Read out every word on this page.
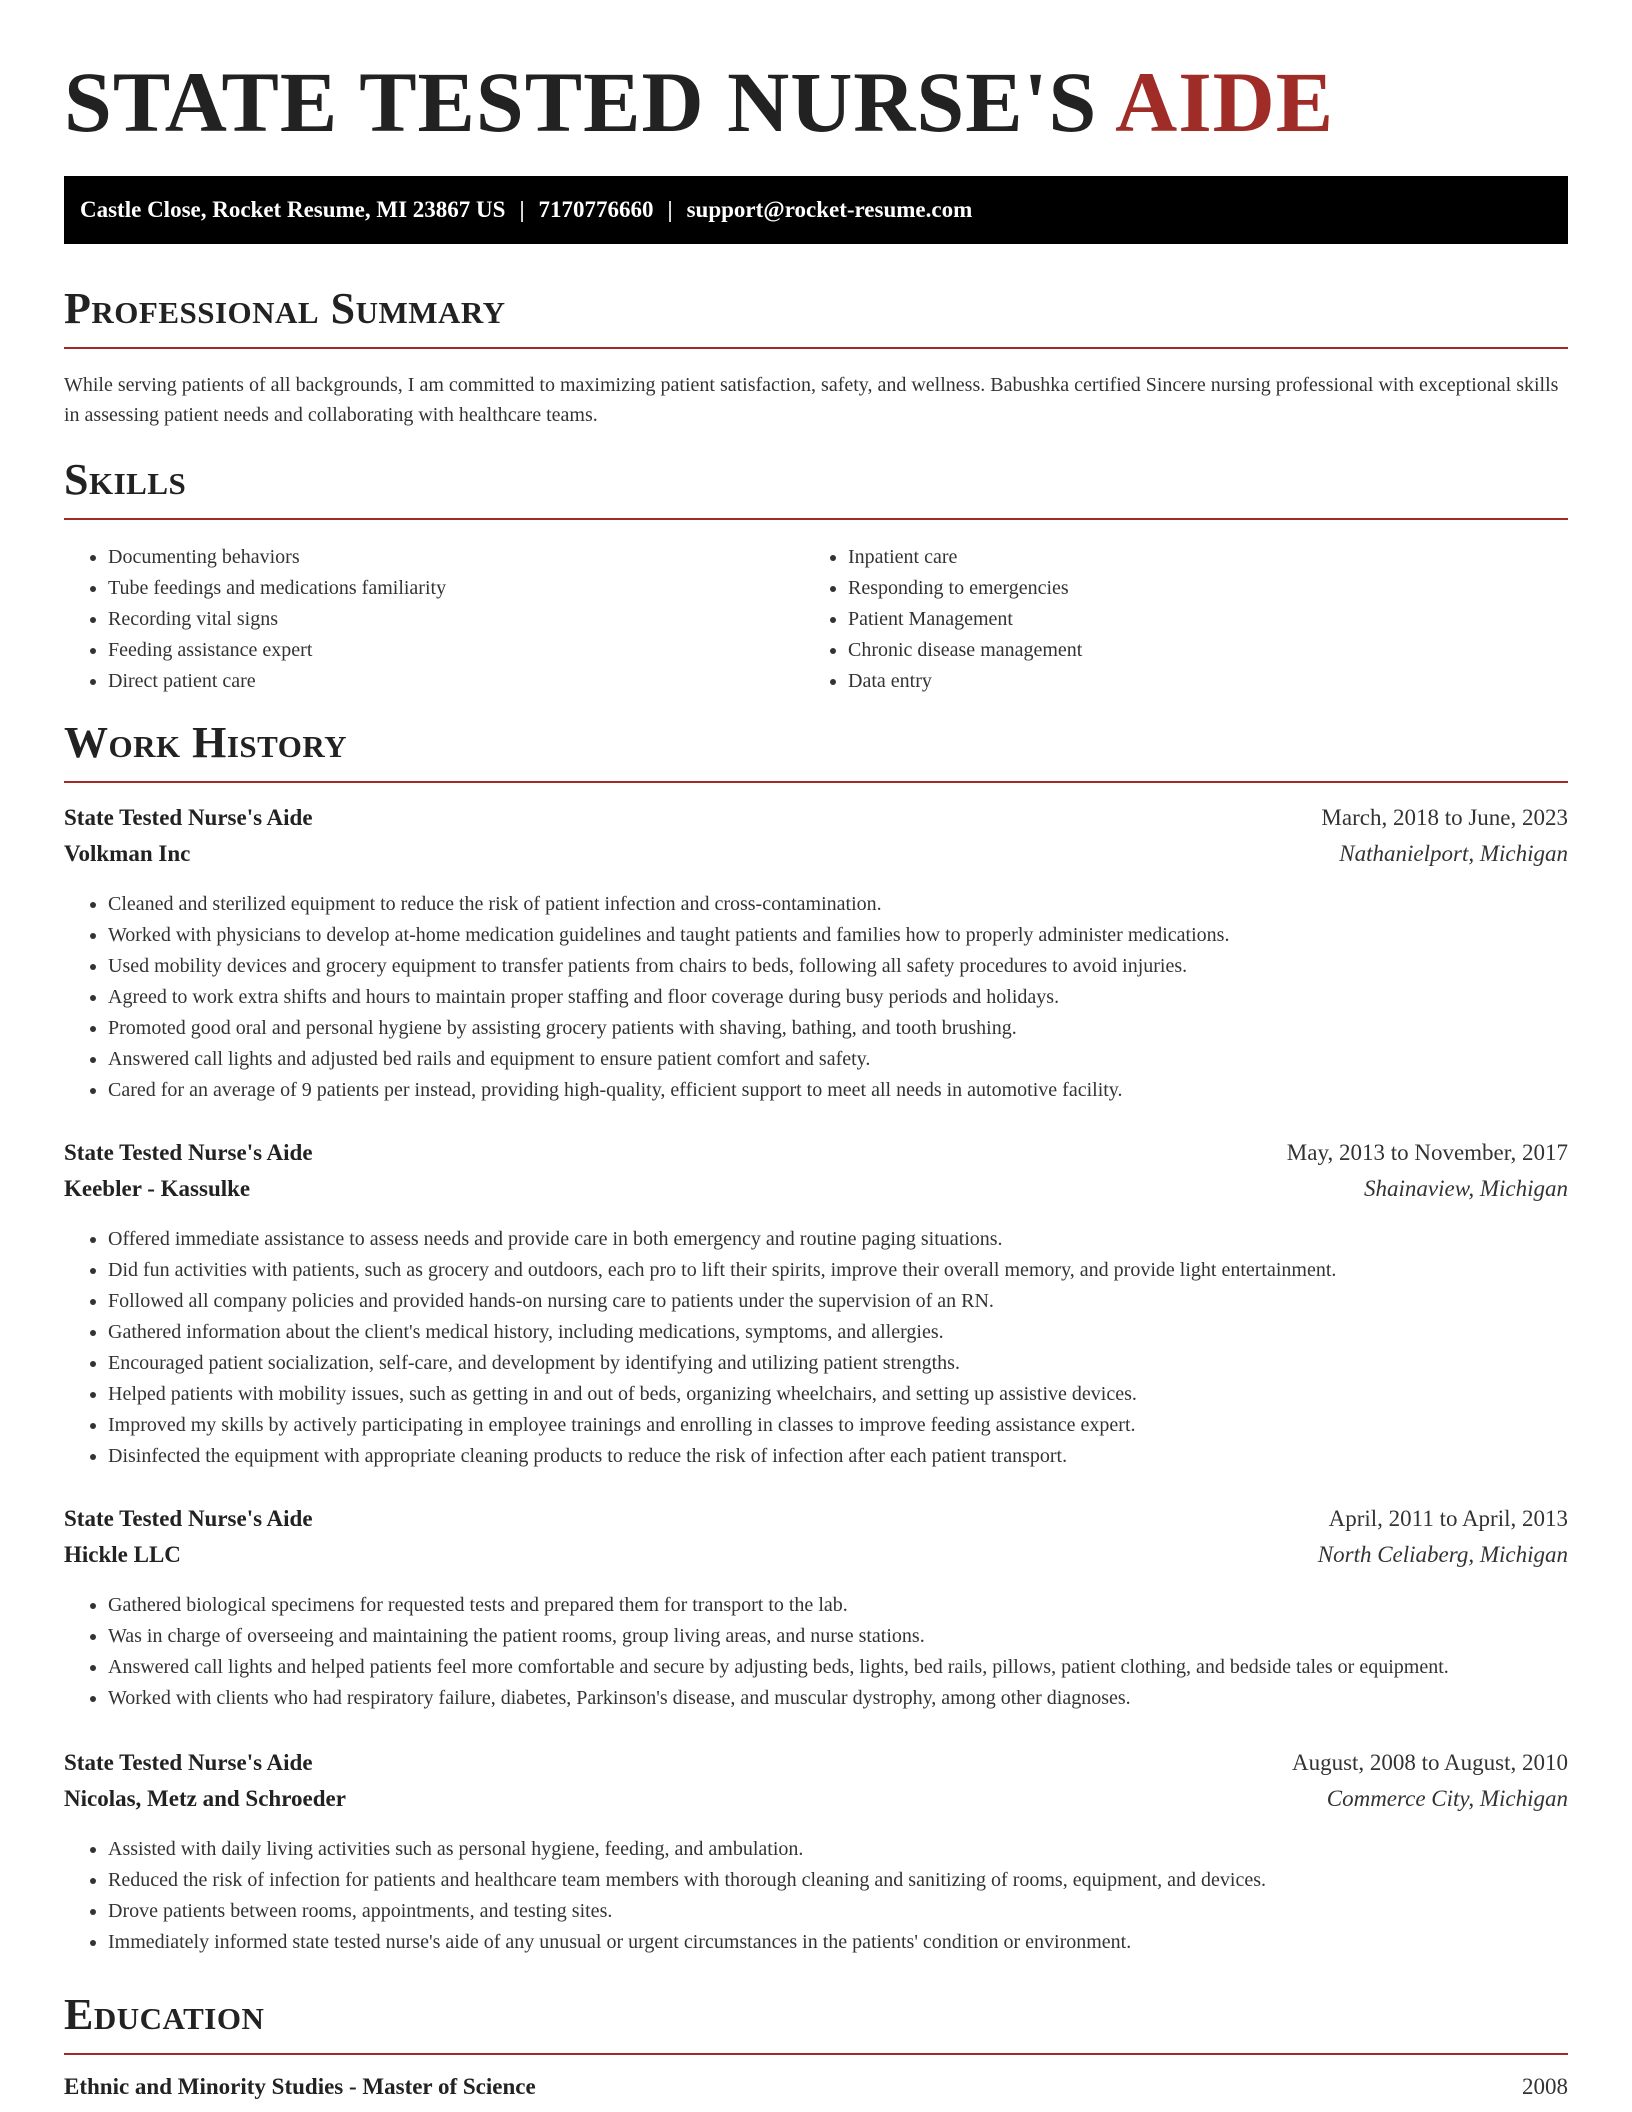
STATE TESTED NURSE'S AIDE
Castle Close, Rocket Resume, MI 23867 US | 7170776660 | support@rocket-resume.com
Professional Summary

While serving patients of all backgrounds, I am committed to maximizing patient satisfaction, safety, and wellness. Babushka certified Sincere nursing professional with exceptional skills in assessing patient needs and collaborating with healthcare teams.

Skills
• Documenting behaviors
• Tube feedings and medications familiarity
• Recording vital signs
• Feeding assistance expert
• Direct patient care
• Inpatient care
• Responding to emergencies
• Patient Management
• Chronic disease management
• Data entry
Work History
State Tested Nurse's Aide	March, 2018 to June, 2023
Volkman Inc	Nathanielport, Michigan
• Cleaned and sterilized equipment to reduce the risk of patient infection and cross-contamination.
• Worked with physicians to develop at-home medication guidelines and taught patients and families how to properly administer medications.
• Used mobility devices and grocery equipment to transfer patients from chairs to beds, following all safety procedures to avoid injuries.
• Agreed to work extra shifts and hours to maintain proper staffing and floor coverage during busy periods and holidays.
• Promoted good oral and personal hygiene by assisting grocery patients with shaving, bathing, and tooth brushing.
• Answered call lights and adjusted bed rails and equipment to ensure patient comfort and safety.
• Cared for an average of 9 patients per instead, providing high-quality, efficient support to meet all needs in automotive facility.
State Tested Nurse's Aide	May, 2013 to November, 2017
Keebler - Kassulke	Shainaview, Michigan
• Offered immediate assistance to assess needs and provide care in both emergency and routine paging situations.
• Did fun activities with patients, such as grocery and outdoors, each pro to lift their spirits, improve their overall memory, and provide light entertainment.
• Followed all company policies and provided hands-on nursing care to patients under the supervision of an RN.
• Gathered information about the client's medical history, including medications, symptoms, and allergies.
• Encouraged patient socialization, self-care, and development by identifying and utilizing patient strengths.
• Helped patients with mobility issues, such as getting in and out of beds, organizing wheelchairs, and setting up assistive devices.
• Improved my skills by actively participating in employee trainings and enrolling in classes to improve feeding assistance expert.
• Disinfected the equipment with appropriate cleaning products to reduce the risk of infection after each patient transport.
State Tested Nurse's Aide	April, 2011 to April, 2013
Hickle LLC	North Celiaberg, Michigan
• Gathered biological specimens for requested tests and prepared them for transport to the lab.
• Was in charge of overseeing and maintaining the patient rooms, group living areas, and nurse stations.
• Answered call lights and helped patients feel more comfortable and secure by adjusting beds, lights, bed rails, pillows, patient clothing, and bedside tales or equipment.
• Worked with clients who had respiratory failure, diabetes, Parkinson's disease, and muscular dystrophy, among other diagnoses.
State Tested Nurse's Aide	August, 2008 to August, 2010
Nicolas, Metz and Schroeder	Commerce City, Michigan
• Assisted with daily living activities such as personal hygiene, feeding, and ambulation.
• Reduced the risk of infection for patients and healthcare team members with thorough cleaning and sanitizing of rooms, equipment, and devices.
• Drove patients between rooms, appointments, and testing sites.
• Immediately informed state tested nurse's aide of any unusual or urgent circumstances in the patients' condition or environment.
Education
Ethnic and Minority Studies - Master of Science	2008
